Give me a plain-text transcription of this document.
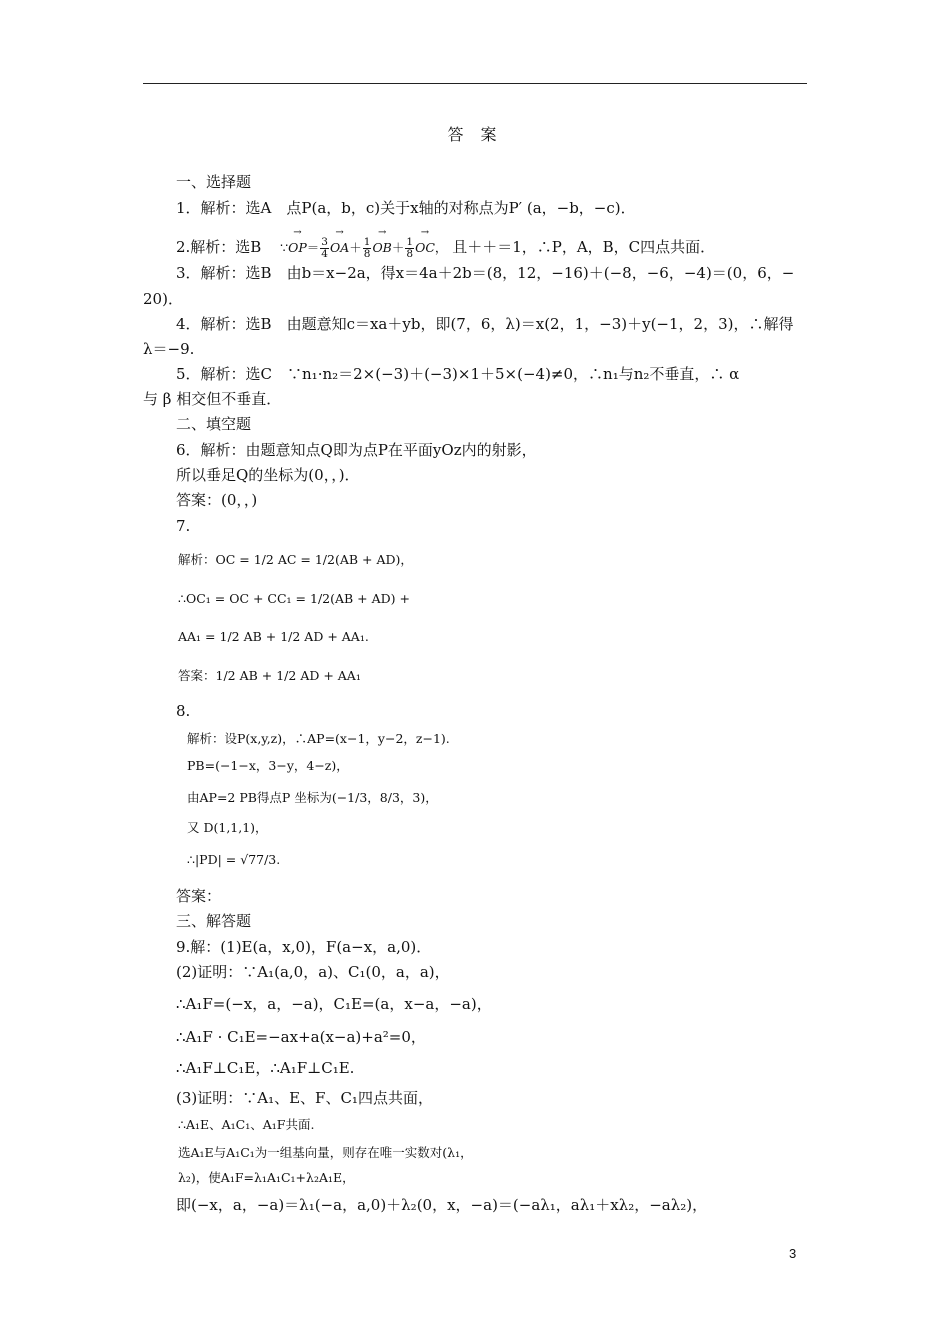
答 案
一、选择题
1．解析：选A　点P(a，b，c)关于x轴的对称点为P′ (a，−b，−c)．
2.解析：选B ∵→ $OP= \frac{3}{4} \to OA+ \frac{1}{8} \to OB+ \frac{1}{8}$ → OC， 且＋＋＝1，∴P，A，B，C四点共面．
3．解析：选B　由b＝x−2a，得x＝4a＋2b＝(8，12，−16)＋(−8，−6，−4)＝(0，6，−
20)．
4．解析：选B　由题意知c＝xa＋yb，即(7，6，λ)＝x(2，1，−3)＋y(−1，2，3)，∴解得
λ＝−9.
5．解析：选C　∵n₁·n₂＝2×(−3)＋(−3)×1＋5×(−4)≠0，∴n₁与n₂不垂直，∴ α
与 β 相交但不垂直．
二、填空题
6．解析：由题意知点Q即为点P在平面yOz内的射影，
所以垂足Q的坐标为(0，，)．
答案：(0，，)
7.
解析：OC = 1/2 AC = 1/2(AB + AD)，
∴OC₁ = OC + CC₁ = 1/2(AB + AD) +
AA₁ = 1/2 AB + 1/2 AD + AA₁.
答案：1/2 AB + 1/2 AD + AA₁
8.
解析：设P(x,y,z)，∴AP=(x−1，y−2，z−1).
PB=(−1−x，3−y，4−z)，
由AP=2 PB得点P 坐标为(−1/3，8/3，3)，
又 D(1,1,1)，
∴|PD| = √77/3.
答案：
三、解答题
9.解：(1)E(a，x,0)，F(a−x，a,0)．
(2)证明：∵A₁(a,0，a)、C₁(0，a，a)，
∴A₁F=(−x，a，−a)，C₁E=(a，x−a，−a)，
∴A₁F · C₁E=−ax+a(x−a)+a²=0，
∴A₁F⊥C₁E，∴A₁F⊥C₁E.
(3)证明：∵A₁、E、F、C₁四点共面，
∴A₁E、A₁C₁、A₁F共面.
选A₁E与A₁C₁为一组基向量，则存在唯一实数对(λ₁，
λ₂)，使A₁F=λ₁A₁C₁+λ₂A₁E，
即(−x，a，−a)＝λ₁(−a，a,0)＋λ₂(0，x，−a)＝(−aλ₁，aλ₁＋xλ₂，−aλ₂)，
3
